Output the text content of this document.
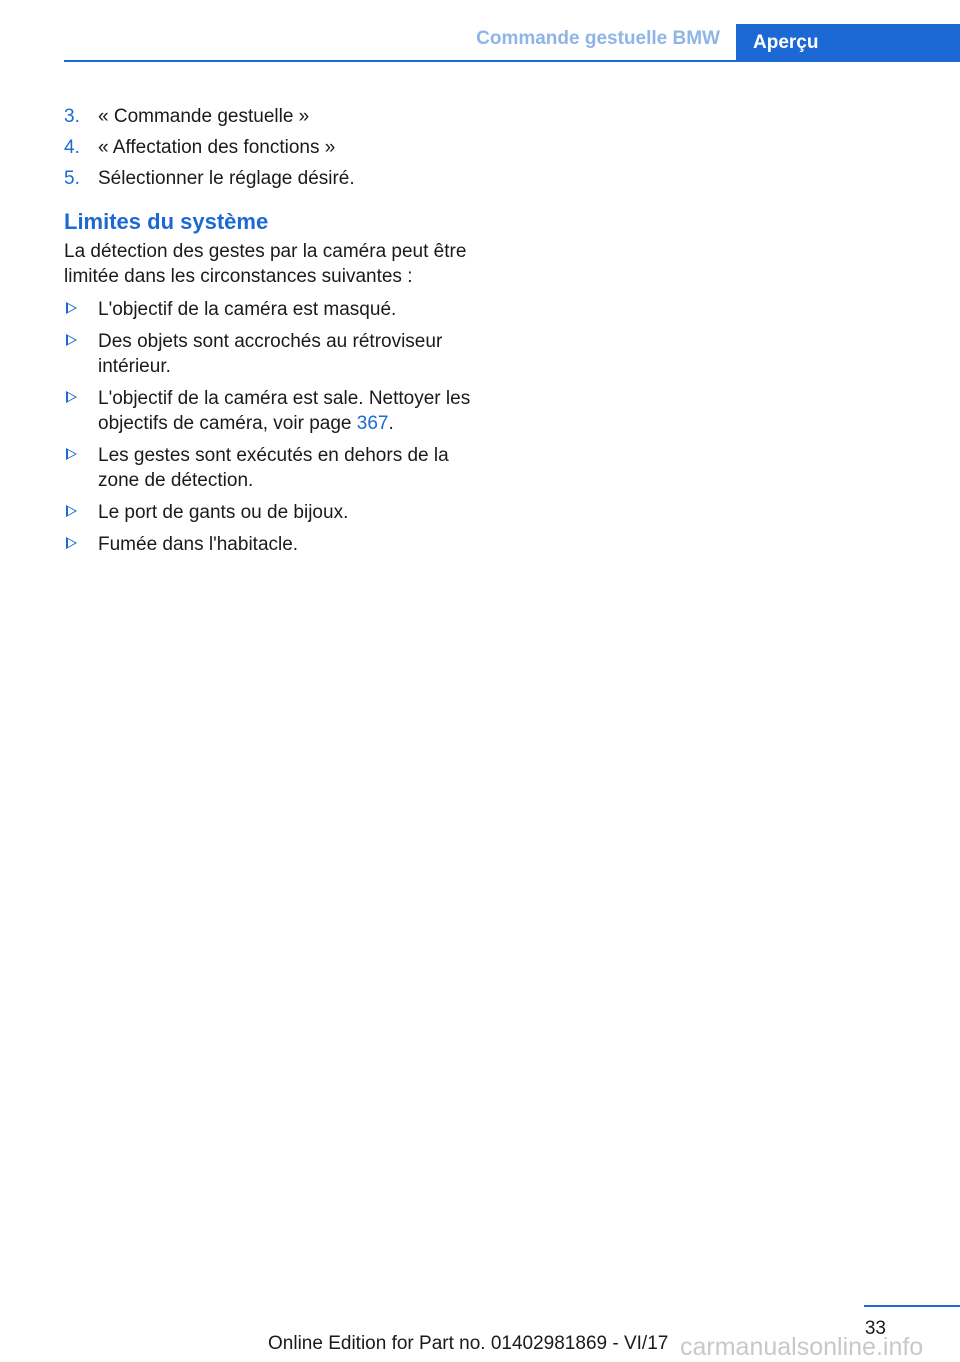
Commande gestuelle BMW	Aperçu
3. « Commande gestuelle »
4. « Affectation des fonctions »
5. Sélectionner le réglage désiré.
Limites du système

La détection des gestes par la caméra peut être limitée dans les circonstances suivantes :

L'objectif de la caméra est masqué.
Des objets sont accrochés au rétroviseur intérieur.
L'objectif de la caméra est sale. Nettoyer les objectifs de caméra, voir page 367.
Les gestes sont exécutés en dehors de la zone de détection.
Le port de gants ou de bijoux.
Fumée dans l'habitacle.
33
Online Edition for Part no. 01402981869 - VI/17 carmanualsonline.info
